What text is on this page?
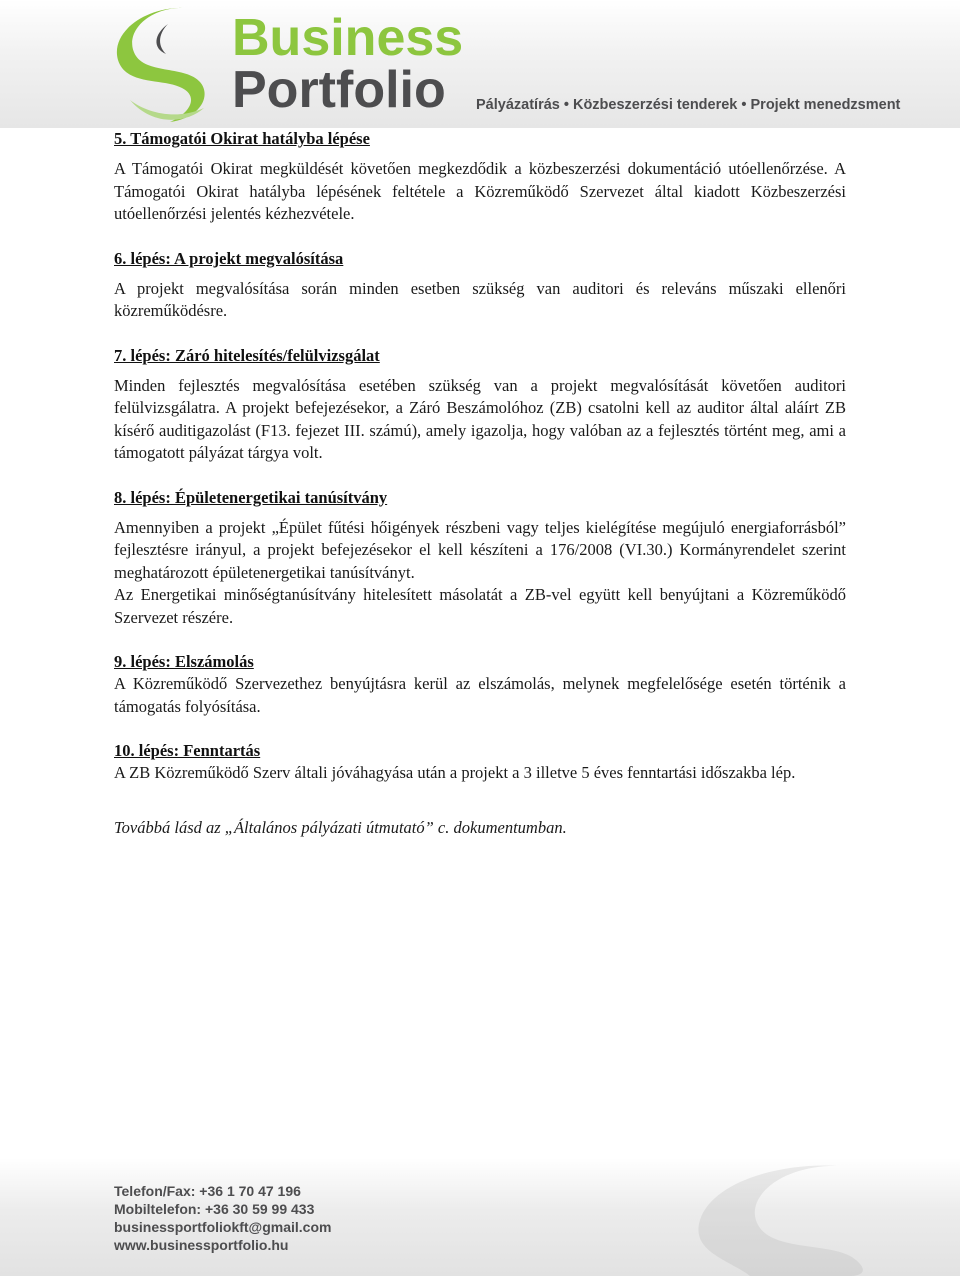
Business
Portfolio Pályázatírás • Közbeszerzési tenderek • Projekt menedzsment
5. Támogatói Okirat hatályba lépése

A Támogatói Okirat megküldését követően megkezdődik a közbeszerzési dokumentáció utóellenőrzése. A Támogatói Okirat hatályba lépésének feltétele a Közreműködő Szervezet által kiadott Közbeszerzési utóellenőrzési jelentés kézhezvétele.

6. lépés: A projekt megvalósítása

A projekt megvalósítása során minden esetben szükség van auditori és releváns műszaki ellenőri közreműködésre.

7. lépés: Záró hitelesítés/felülvizsgálat

Minden fejlesztés megvalósítása esetében szükség van a projekt megvalósítását követően auditori felülvizsgálatra. A projekt befejezésekor, a Záró Beszámolóhoz (ZB) csatolni kell az auditor által aláírt ZB kísérő auditigazolást (F13. fejezet III. számú), amely igazolja, hogy valóban az a fejlesztés történt meg, ami a támogatott pályázat tárgya volt.

8. lépés: Épületenergetikai tanúsítvány

Amennyiben a projekt „Épület fűtési hőigények részbeni vagy teljes kielégítése megújuló energiaforrásból” fejlesztésre irányul, a projekt befejezésekor el kell készíteni a 176/2008 (VI.30.) Kormányrendelet szerint meghatározott épületenergetikai tanúsítványt.

Az Energetikai minőségtanúsítvány hitelesített másolatát a ZB-vel együtt kell benyújtani a Közreműködő Szervezet részére.

9. lépés: Elszámolás

A Közreműködő Szervezethez benyújtásra kerül az elszámolás, melynek megfelelősége esetén történik a támogatás folyósítása.

10. lépés: Fenntartás

A ZB Közreműködő Szerv általi jóváhagyása után a projekt a 3 illetve 5 éves fenntartási időszakba lép.

Továbbá lásd az „Általános pályázati útmutató” c. dokumentumban.
Telefon/Fax: +36 1 70 47 196
Mobiltelefon: +36 30 59 99 433
businessportfoliokft@gmail.com
www.businessportfolio.hu
